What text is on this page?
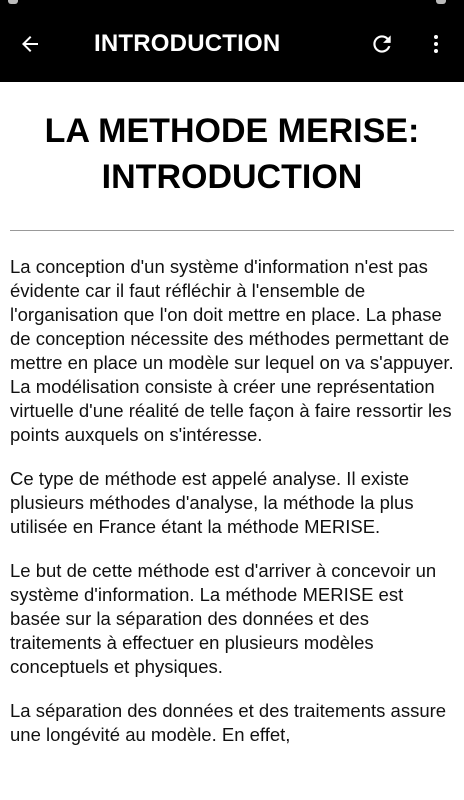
INTRODUCTION
LA METHODE MERISE: INTRODUCTION

La conception d'un système d'information n'est pas évidente car il faut réfléchir à l'ensemble de l'organisation que l'on doit mettre en place. La phase de conception nécessite des méthodes permettant de mettre en place un modèle sur lequel on va s'appuyer. La modélisation consiste à créer une représentation virtuelle d'une réalité de telle façon à faire ressortir les points auxquels on s'intéresse.

Ce type de méthode est appelé analyse. Il existe plusieurs méthodes d'analyse, la méthode la plus utilisée en France étant la méthode MERISE.

Le but de cette méthode est d'arriver à concevoir un système d'information. La méthode MERISE est basée sur la séparation des données et des traitements à effectuer en plusieurs modèles conceptuels et physiques.

La séparation des données et des traitements assure une longévité au modèle. En effet,
